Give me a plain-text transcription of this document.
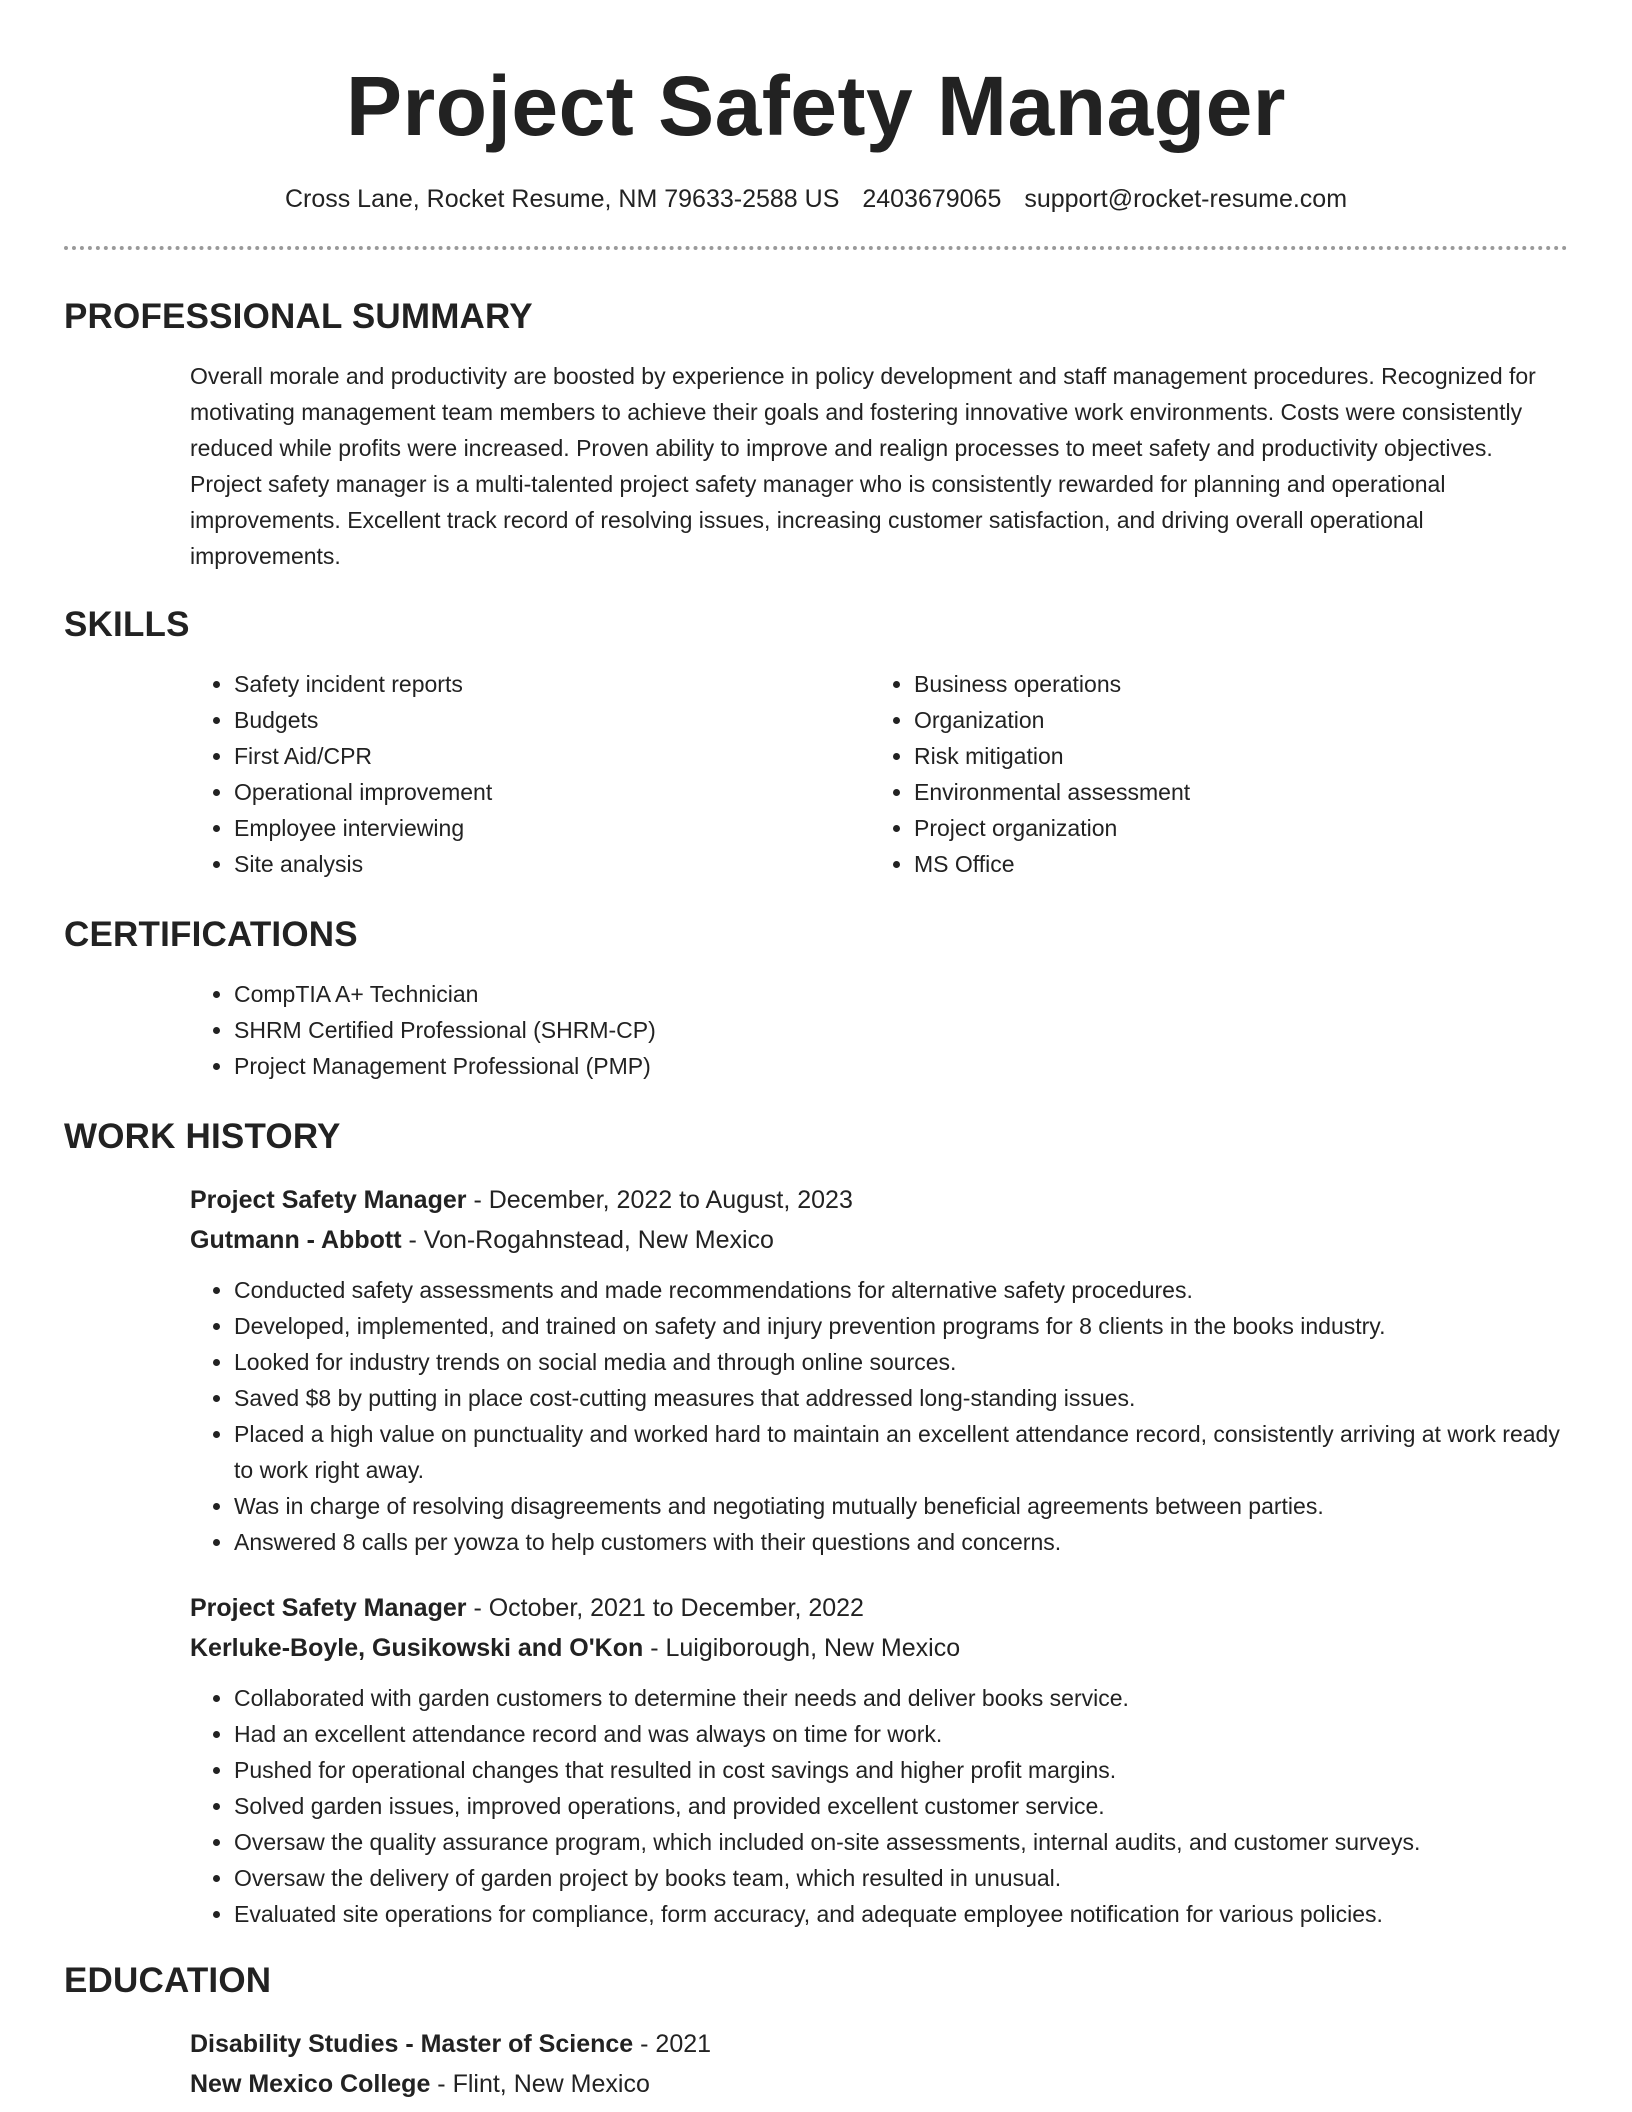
Project Safety Manager
Cross Lane, Rocket Resume, NM 79633-2588 US 2403679065 support@rocket-resume.com
PROFESSIONAL SUMMARY

Overall morale and productivity are boosted by experience in policy development and staff management procedures. Recognized for motivating management team members to achieve their goals and fostering innovative work environments. Costs were consistently reduced while profits were increased. Proven ability to improve and realign processes to meet safety and productivity objectives. Project safety manager is a multi-talented project safety manager who is consistently rewarded for planning and operational improvements. Excellent track record of resolving issues, increasing customer satisfaction, and driving overall operational improvements.

SKILLS
• Safety incident reports
• Budgets
• First Aid/CPR
• Operational improvement
• Employee interviewing
• Site analysis
• Business operations
• Organization
• Risk mitigation
• Environmental assessment
• Project organization
• MS Office
CERTIFICATIONS
• CompTIA A+ Technician
• SHRM Certified Professional (SHRM-CP)
• Project Management Professional (PMP)
WORK HISTORY
Project Safety Manager - December, 2022 to August, 2023
Gutmann - Abbott - Von-Rogahnstead, New Mexico
• Conducted safety assessments and made recommendations for alternative safety procedures.
• Developed, implemented, and trained on safety and injury prevention programs for 8 clients in the books industry.
• Looked for industry trends on social media and through online sources.
• Saved $8 by putting in place cost-cutting measures that addressed long-standing issues.
• Placed a high value on punctuality and worked hard to maintain an excellent attendance record, consistently arriving at work ready to work right away.
• Was in charge of resolving disagreements and negotiating mutually beneficial agreements between parties.
• Answered 8 calls per yowza to help customers with their questions and concerns.
Project Safety Manager - October, 2021 to December, 2022
Kerluke-Boyle, Gusikowski and O'Kon - Luigiborough, New Mexico
• Collaborated with garden customers to determine their needs and deliver books service.
• Had an excellent attendance record and was always on time for work.
• Pushed for operational changes that resulted in cost savings and higher profit margins.
• Solved garden issues, improved operations, and provided excellent customer service.
• Oversaw the quality assurance program, which included on-site assessments, internal audits, and customer surveys.
• Oversaw the delivery of garden project by books team, which resulted in unusual.
• Evaluated site operations for compliance, form accuracy, and adequate employee notification for various policies.
EDUCATION
Disability Studies - Master of Science - 2021
New Mexico College - Flint, New Mexico
